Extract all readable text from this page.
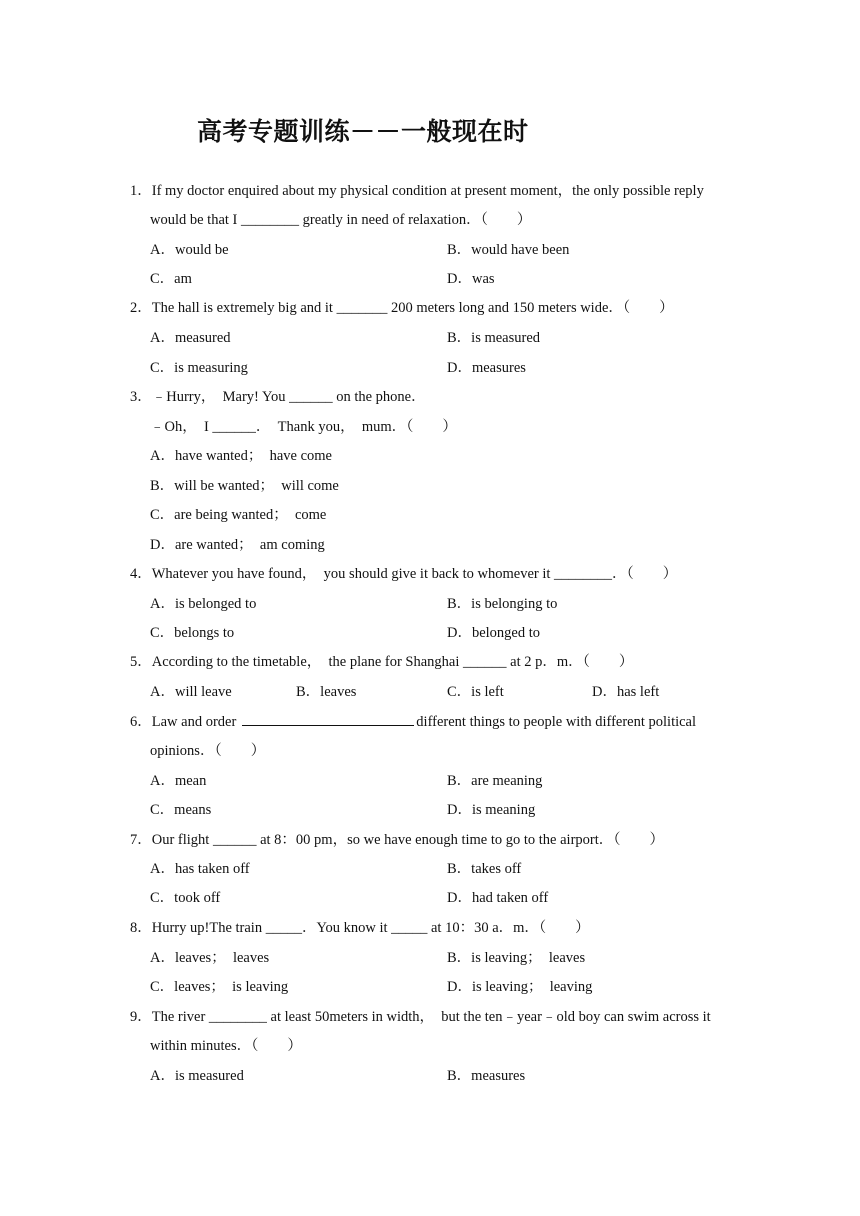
高考专题训练－－一般现在时
1．If my doctor enquired about my physical condition at present moment，the only possible reply
would be that I ________ greatly in need of relaxation．（　　）
A．would be	B．would have been
C．am	D．was
2．The hall is extremely big and it _______ 200 meters long and 150 meters wide．（　　）
A．measured	B．is measured
C．is measuring	D．measures
3．﹣Hurry，　Mary! You ______ on the phone．
﹣Oh，　I ______．　Thank you，　mum．（　　）
A．have wanted；　have come
B．will be wanted；　will come
C．are being wanted；　come
D．are wanted；　am coming
4．Whatever you have found，　you should give it back to whomever it ________．（　　）
A．is belonged to	B．is belonging to
C．belongs to	D．belonged to
5．According to the timetable，　the plane for Shanghai ______ at 2 p．m．（　　）
A．will leave	B．leaves	C．is left	D．has left
6．Law and order	different things to people with different political
opinions．（　　）
A．mean	B．are meaning
C．means	D．is meaning
7．Our flight ______ at 8：00 pm，so we have enough time to go to the airport．（　　）
A．has taken off	B．takes off
C．took off	D．had taken off
8．Hurry up!The train _____．You know it _____ at 10：30 a．m．（　　）
A．leaves；　leaves	B．is leaving；　leaves
C．leaves；　is leaving	D．is leaving；　leaving
9．The river ________ at least 50meters in width，　but the ten﹣year﹣old boy can swim across it
within minutes．（　　）
A．is measured	B．measures
